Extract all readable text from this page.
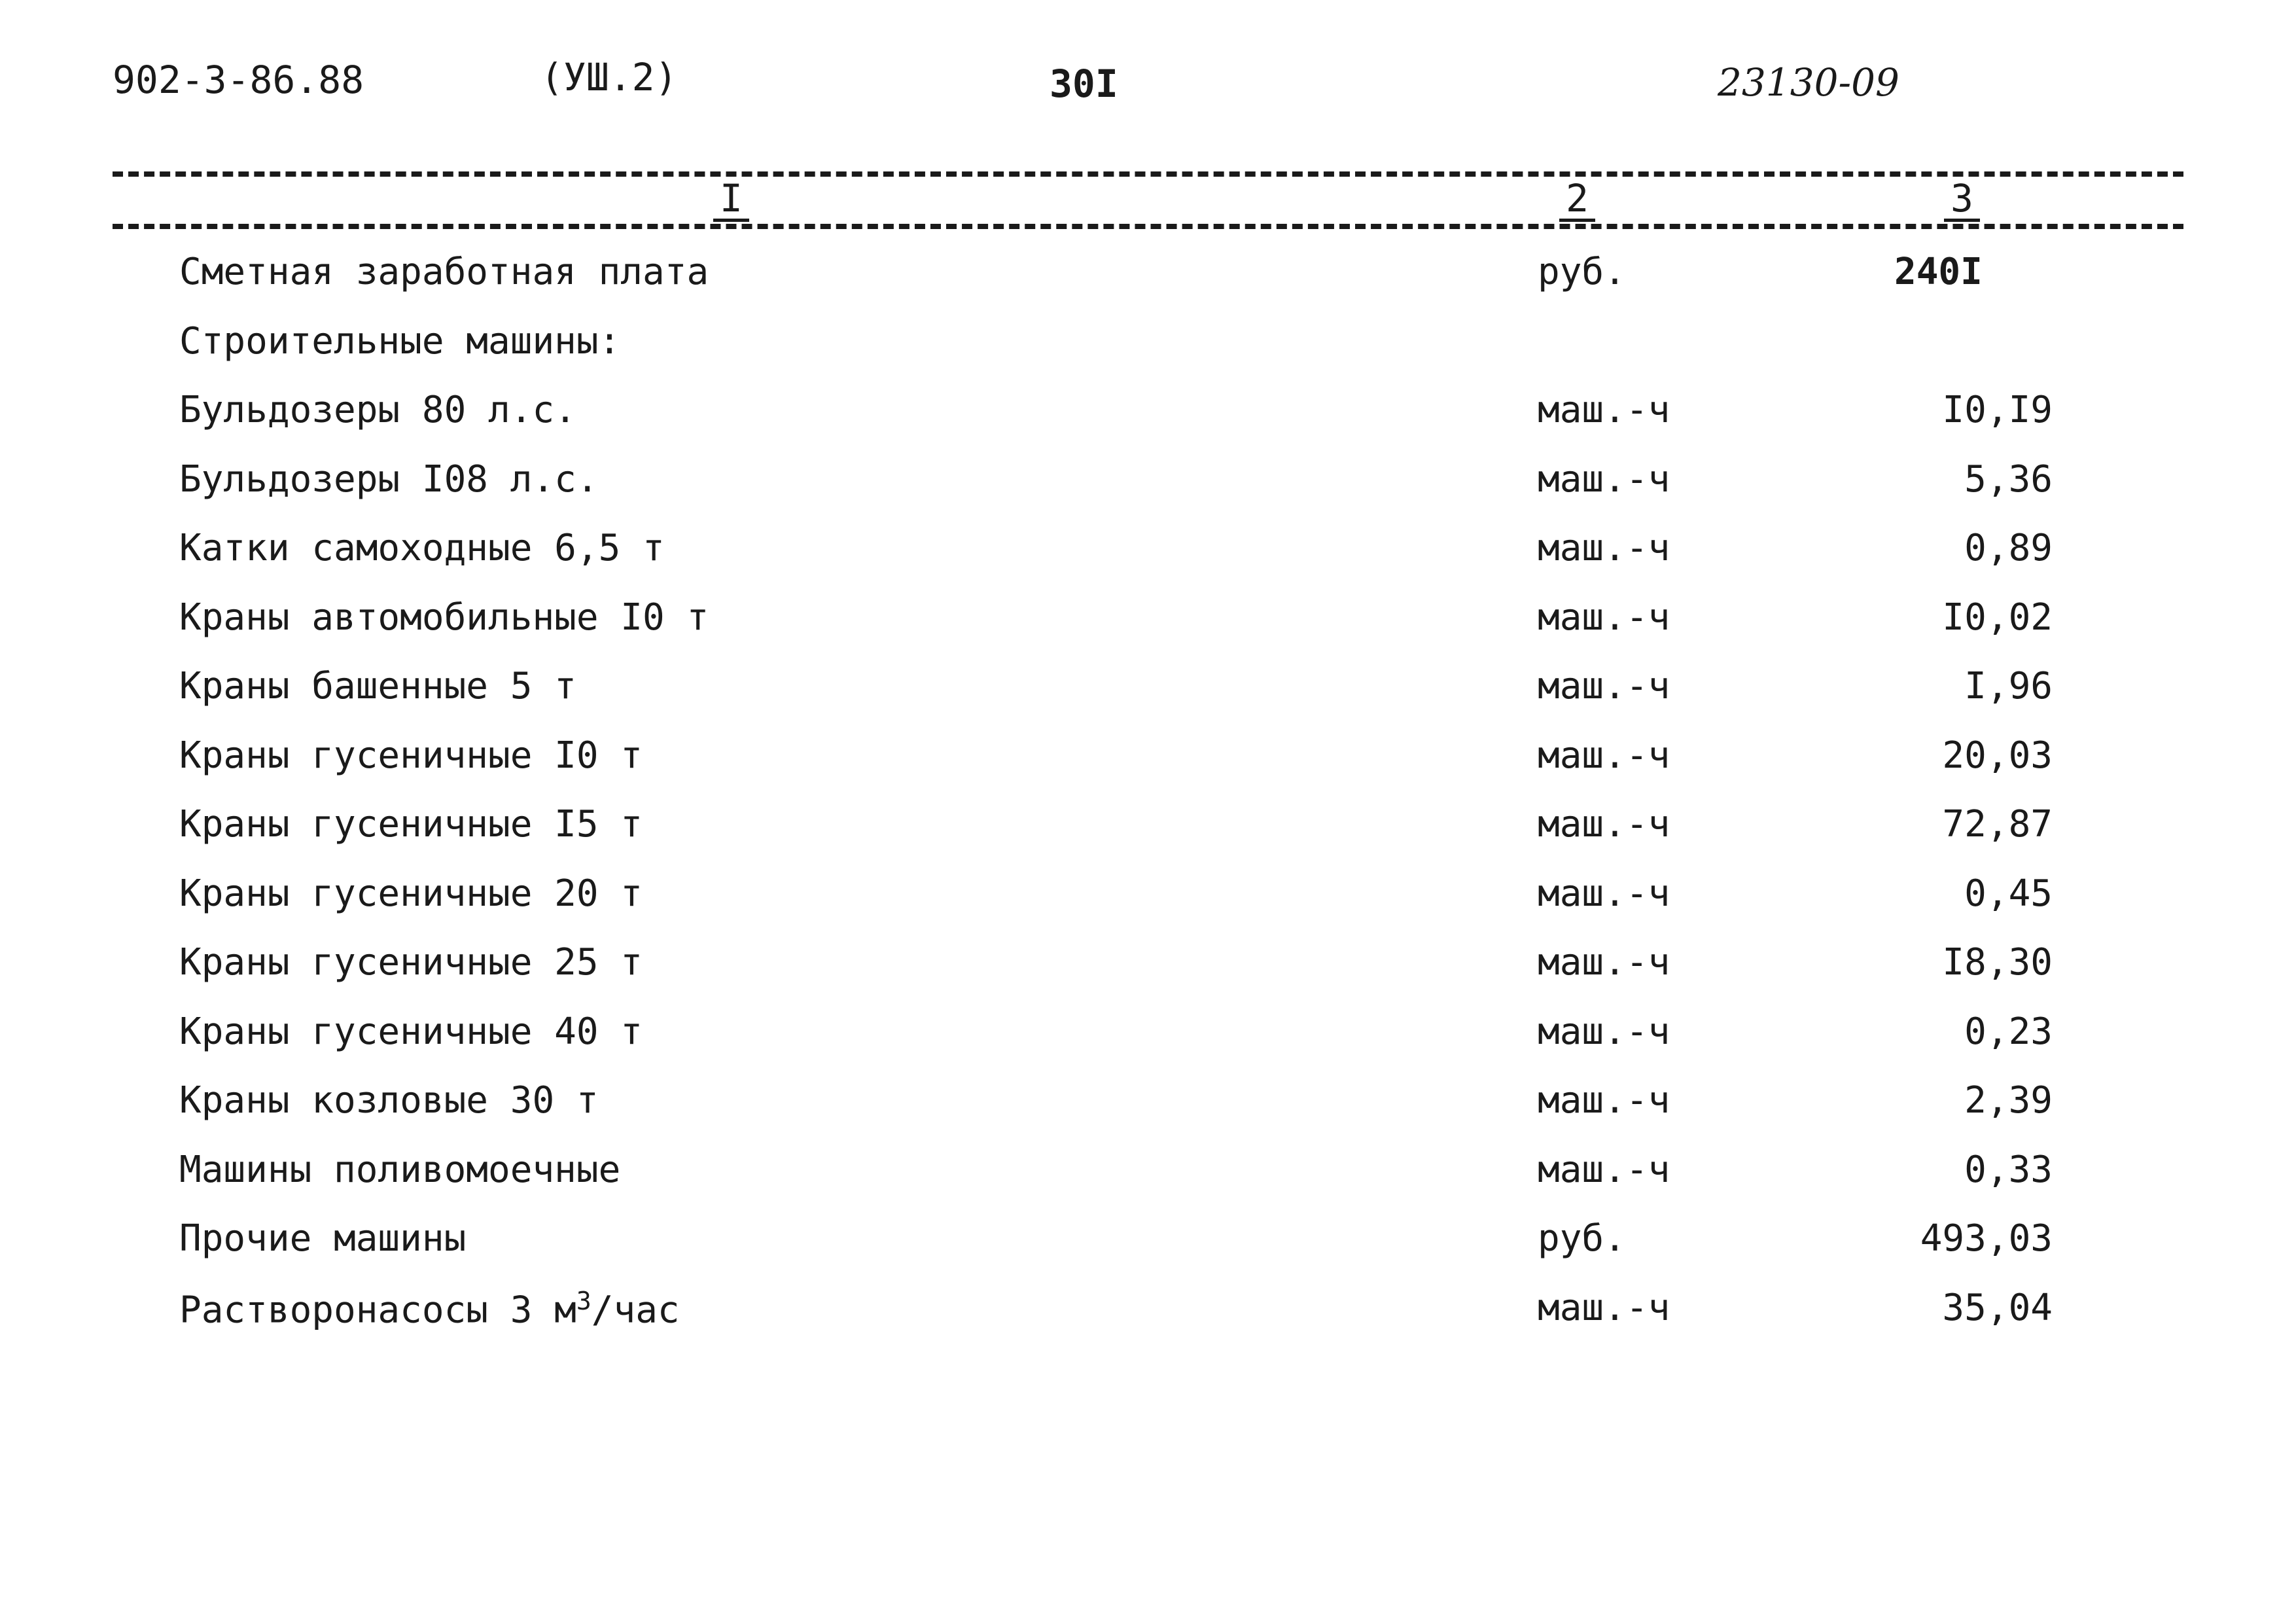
902-3-86.88	(УШ.2)	30I	23130-09
I	2	3
Сметная заработная плата	руб.	240I
Строительные машины:
Бульдозеры 80 л.с.	маш.-ч	I0,I9
Бульдозеры I08 л.с.	маш.-ч	5,36
Катки самоходные 6,5 т	маш.-ч	0,89
Краны автомобильные I0 т	маш.-ч	I0,02
Краны башенные 5 т	маш.-ч	I,96
Краны гусеничные I0 т	маш.-ч	20,03
Краны гусеничные I5 т	маш.-ч	72,87
Краны гусеничные 20 т	маш.-ч	0,45
Краны гусеничные 25 т	маш.-ч	I8,30
Краны гусеничные 40 т	маш.-ч	0,23
Краны козловые 30 т	маш.-ч	2,39
Машины поливомоечные	маш.-ч	0,33
Прочие машины	руб.	493,03
Растворонасосы 3 $м^3$/час	маш.-ч	35,04
